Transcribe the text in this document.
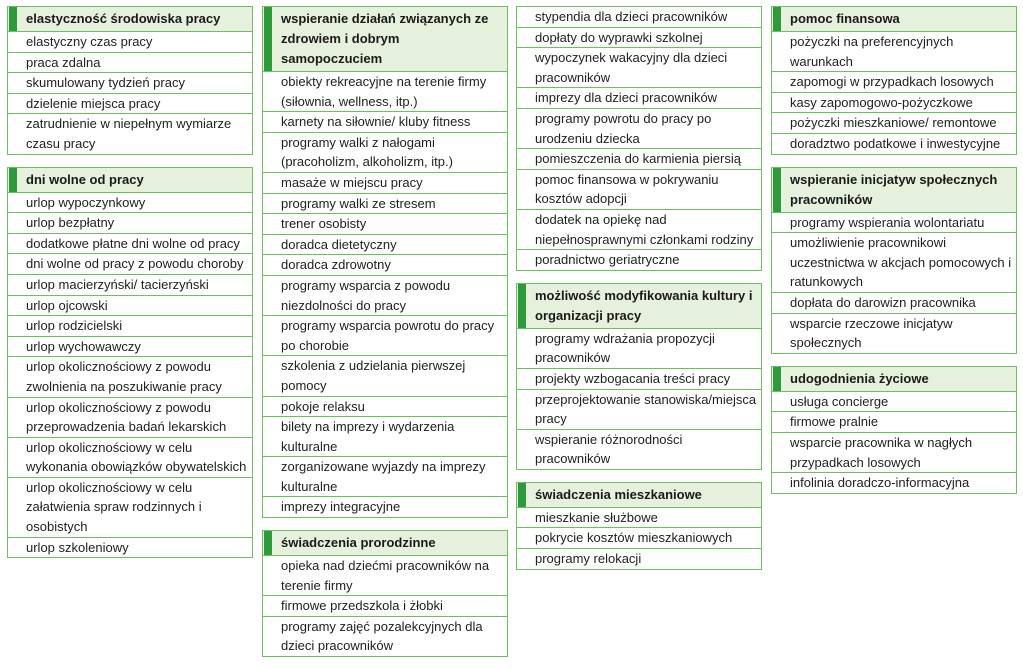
elastyczność środowiska pracy
elastyczny czas pracy
praca zdalna
skumulowany tydzień pracy
dzielenie miejsca pracy
zatrudnienie w niepełnym wymiarze czasu pracy
dni wolne od pracy
urlop wypoczynkowy
urlop bezpłatny
dodatkowe płatne dni wolne od pracy
dni wolne od pracy z powodu choroby
urlop macierzyński/ tacierzyński
urlop ojcowski
urlop rodzicielski
urlop wychowawczy
urlop okolicznościowy z powodu zwolnienia na poszukiwanie pracy
urlop okolicznościowy z powodu przeprowadzenia badań lekarskich
urlop okolicznościowy w celu wykonania obowiązków obywatelskich
urlop okolicznościowy w celu załatwienia spraw rodzinnych i osobistych
urlop szkoleniowy
wspieranie działań związanych ze zdrowiem i dobrym samopoczuciem
obiekty rekreacyjne na terenie firmy (siłownia, wellness, itp.)
karnety na siłownie/ kluby fitness
programy walki z nałogami (pracoholizm, alkoholizm, itp.)
masaże w miejscu pracy
programy walki ze stresem
trener osobisty
doradca dietetyczny
doradca zdrowotny
programy wsparcia z powodu niezdolności do pracy
programy wsparcia powrotu do pracy po chorobie
szkolenia z udzielania pierwszej pomocy
pokoje relaksu
bilety na imprezy i wydarzenia kulturalne
zorganizowane wyjazdy na imprezy kulturalne
imprezy integracyjne
świadczenia prorodzinne
opieka nad dziećmi pracowników na terenie firmy
firmowe przedszkola i żłobki
programy zajęć pozalekcyjnych dla dzieci pracowników
stypendia dla dzieci pracowników
dopłaty do wyprawki szkolnej
wypoczynek wakacyjny dla dzieci pracowników
imprezy dla dzieci pracowników
programy powrotu do pracy po urodzeniu dziecka
pomieszczenia do karmienia piersią
pomoc finansowa w pokrywaniu kosztów adopcji
dodatek na opiekę nad niepełnosprawnymi członkami rodziny
poradnictwo geriatryczne
możliwość modyfikowania kultury i organizacji pracy
programy wdrażania propozycji pracowników
projekty wzbogacania treści pracy
przeprojektowanie stanowiska/miejsca pracy
wspieranie różnorodności pracowników
świadczenia mieszkaniowe
mieszkanie służbowe
pokrycie kosztów mieszkaniowych
programy relokacji
pomoc finansowa
pożyczki na preferencyjnych warunkach
zapomogi w przypadkach losowych
kasy zapomogowo-pożyczkowe
pożyczki mieszkaniowe/ remontowe
doradztwo podatkowe i inwestycyjne
wspieranie inicjatyw społecznych pracowników
programy wspierania wolontariatu
umożliwienie pracownikowi uczestnictwa w akcjach pomocowych i ratunkowych
dopłata do darowizn pracownika
wsparcie rzeczowe inicjatyw społecznych
udogodnienia życiowe
usługa concierge
firmowe pralnie
wsparcie pracownika w nagłych przypadkach losowych
infolinia doradczo-informacyjna
